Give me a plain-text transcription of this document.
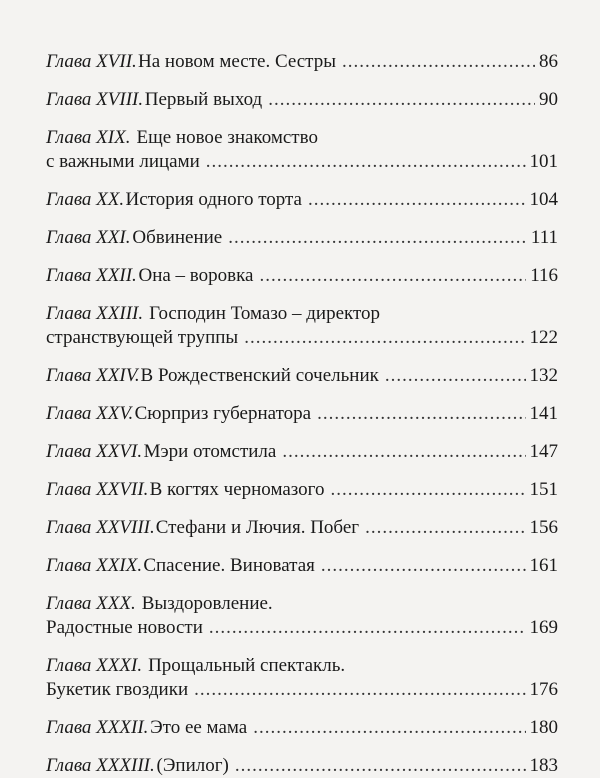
Глава XVII. На новом месте. Сестры .....	86
Глава XVIII. Первый выход .....	90
Глава XIX. Еще новое знакомство
с важными лицами .....	101
Глава XX. История одного торта .....	104
Глава XXI. Обвинение .....	111
Глава XXII. Она – воровка .....	116
Глава XXIII. Господин Томазо – директор
странствующей труппы .....	122
Глава XXIV. В Рождественский сочельник .....	132
Глава XXV. Сюрприз губернатора .....	141
Глава XXVI. Мэри отомстила .....	147
Глава XXVII. В когтях черномазого .....	151
Глава XXVIII. Стефани и Лючия. Побег .....	156
Глава XXIX. Спасение. Виноватая .....	161
Глава XXX. Выздоровление.
Радостные новости .....	169
Глава XXXI. Прощальный спектакль.
Букетик гвоздики .....	176
Глава XXXII. Это ее мама .....	180
Глава XXXIII. (Эпилог) .....	183
